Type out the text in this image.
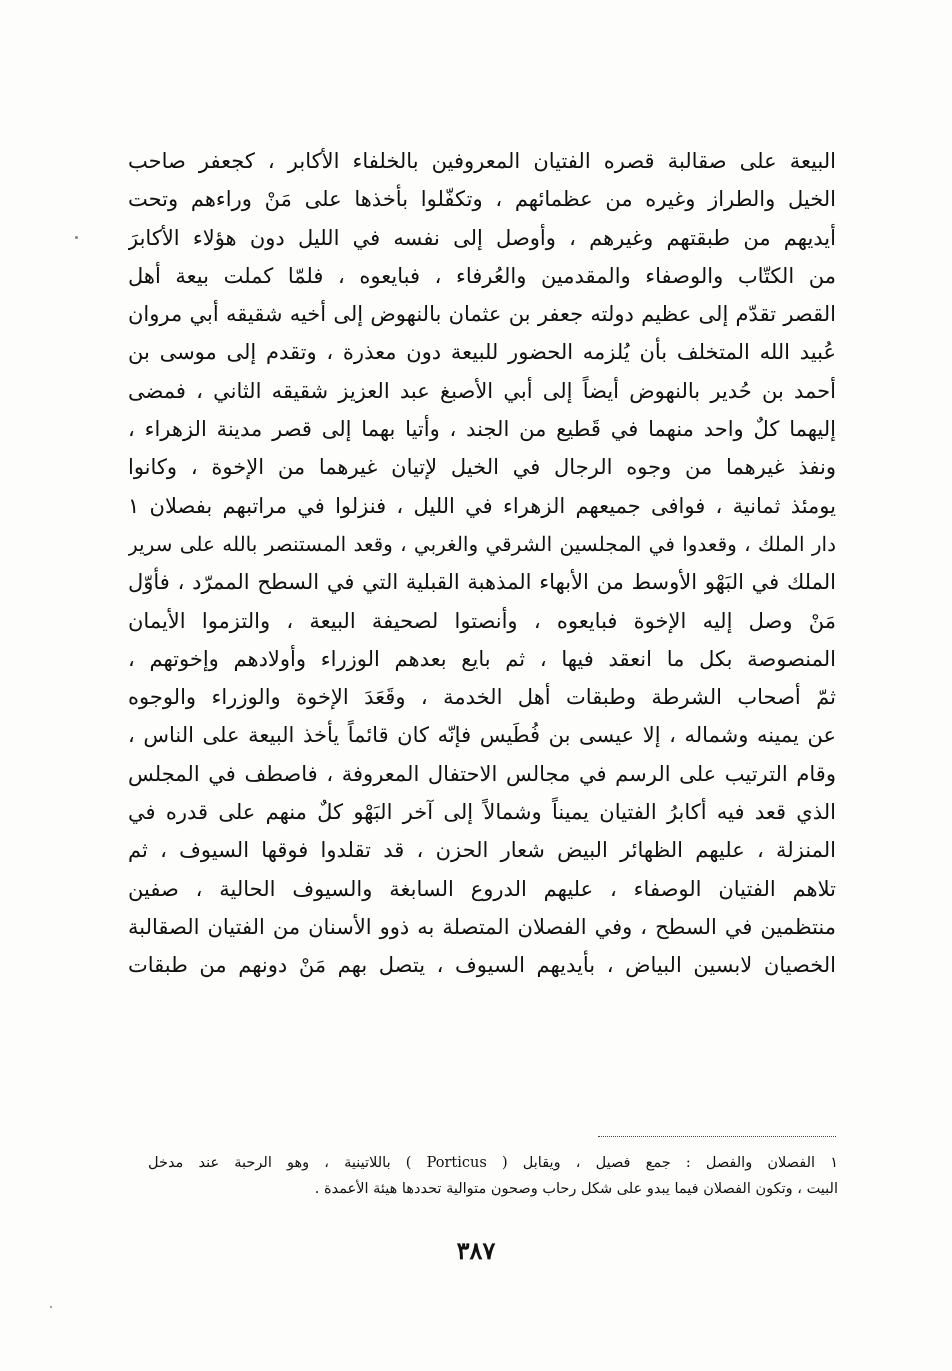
البيعة على صقالبة قصره الفتيان المعروفين بالخلفاء الأكابر ، كجعفر صاحب
الخيل والطراز وغيره من عظمائهم ، وتكفّلوا بأخذها على مَنْ وراءهم وتحت
أيديهم من طبقتهم وغيرهم ، وأوصل إلى نفسه في الليل دون هؤلاء الأكابرَ
من الكتّاب والوصفاء والمقدمين والعُرفاء ، فبايعوه ، فلمّا كملت بيعة أهل
القصر تقدّم إلى عظيم دولته جعفر بن عثمان بالنهوض إلى أخيه شقيقه أبي مروان
عُبيد الله المتخلف بأن يُلزمه الحضور للبيعة دون معذرة ، وتقدم إلى موسى بن
أحمد بن حُدير بالنهوض أيضاً إلى أبي الأصبغ عبد العزيز شقيقه الثاني ، فمضى
إليهما كلٌ واحد منهما في قَطيع من الجند ، وأتيا بهما إلى قصر مدينة الزهراء ،
ونفذ غيرهما من وجوه الرجال في الخيل لإتيان غيرهما من الإخوة ، وكانوا
يومئذ ثمانية ، فوافى جميعهم الزهراء في الليل ، فنزلوا في مراتبهم بفصلان ١
دار الملك ، وقعدوا في المجلسين الشرقي والغربي ، وقعد المستنصر بالله على سرير
الملك في البَهْو الأوسط من الأبهاء المذهبة القبلية التي في السطح الممرّد ، فأوّل
مَنْ وصل إليه الإخوة فبايعوه ، وأنصتوا لصحيفة البيعة ، والتزموا الأيمان
المنصوصة بكل ما انعقد فيها ، ثم بايع بعدهم الوزراء وأولادهم وإخوتهم ،
ثمّ أصحاب الشرطة وطبقات أهل الخدمة ، وقَعَدَ الإخوة والوزراء والوجوه
عن يمينه وشماله ، إلا عيسى بن فُطَيس فإنّه كان قائماً يأخذ البيعة على الناس ،
وقام الترتيب على الرسم في مجالس الاحتفال المعروفة ، فاصطف في المجلس
الذي قعد فيه أكابرُ الفتيان يميناً وشمالاً إلى آخر البَهْو كلٌ منهم على قدره في
المنزلة ، عليهم الظهائر البيض شعار الحزن ، قد تقلدوا فوقها السيوف ، ثم
تلاهم الفتيان الوصفاء ، عليهم الدروع السابغة والسيوف الحالية ، صفين
منتظمين في السطح ، وفي الفصلان المتصلة به ذوو الأسنان من الفتيان الصقالبة
الخصيان لابسين البياض ، بأيديهم السيوف ، يتصل بهم مَنْ دونهم من طبقات
١ الفصلان والفصل : جمع فصيل ، ويقابل ( Porticus ) باللاتينية ، وهو الرحبة عند مدخل
البيت ، وتكون الفصلان فيما يبدو على شكل رحاب وصحون متوالية تحددها هيئة الأعمدة .
٣٨٧
